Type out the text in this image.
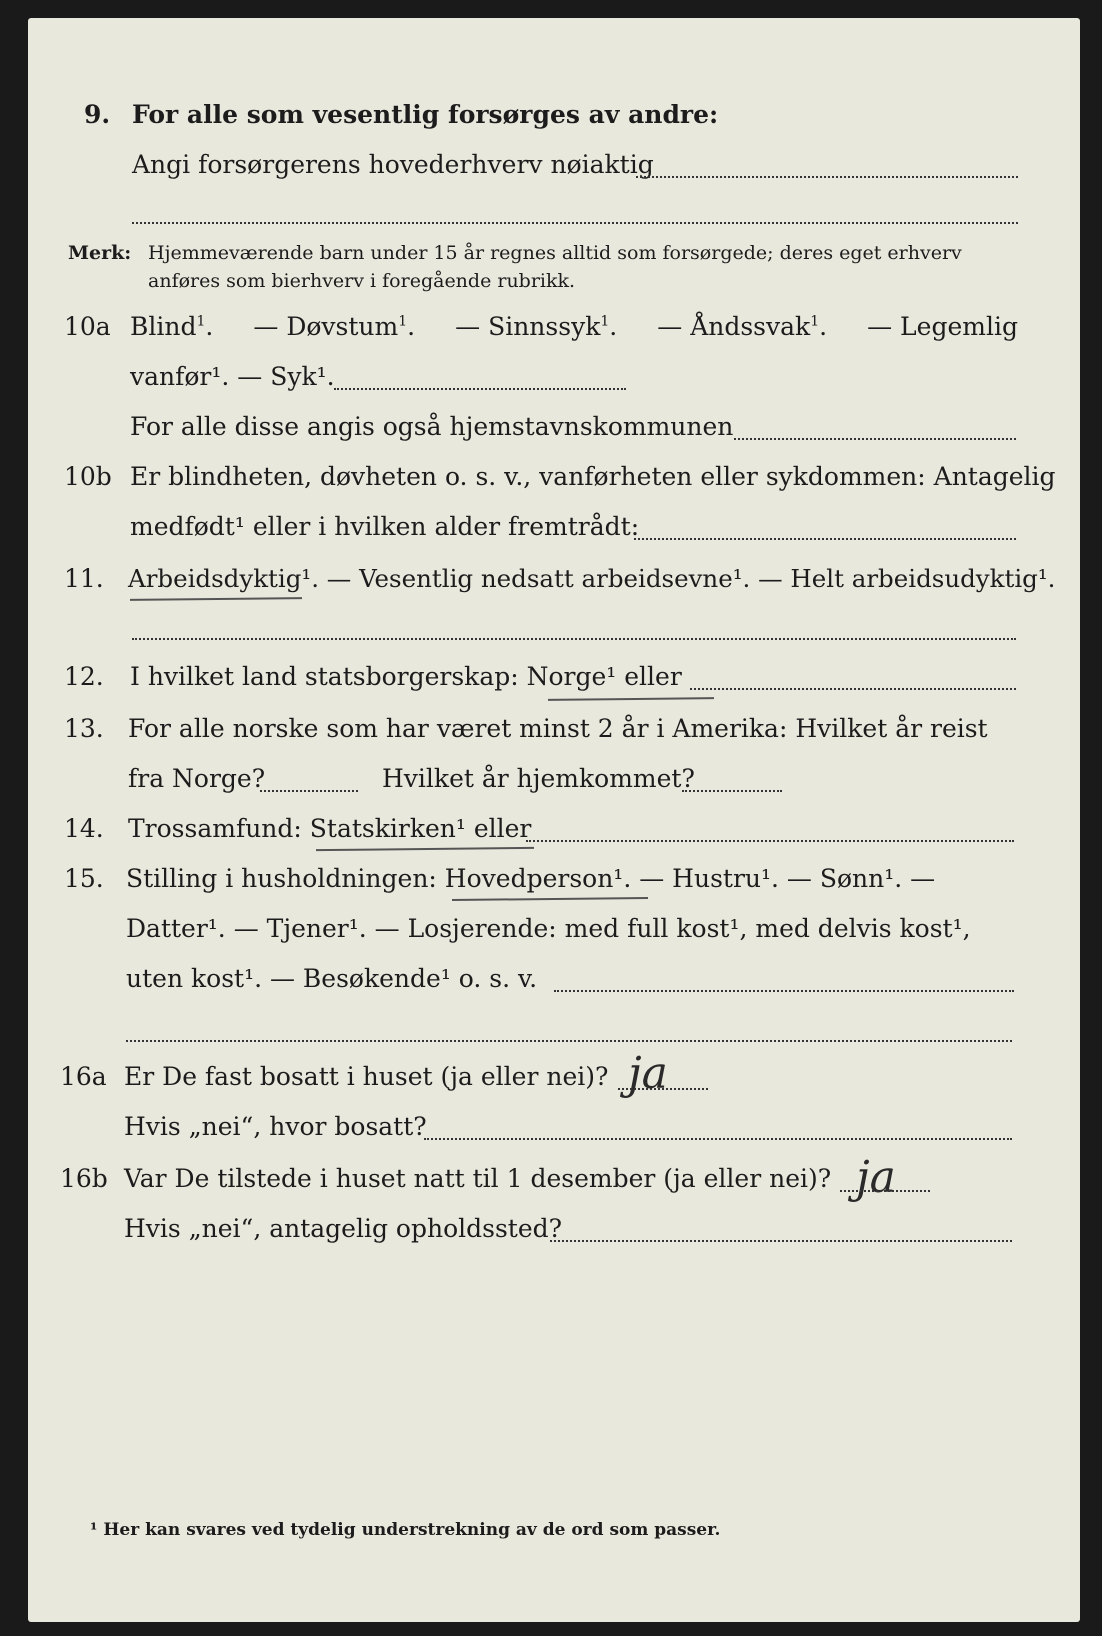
9. For alle som vesentlig forsørges av andre:
Angi forsørgerens hovederhverv nøiaktig
Merk: Hjemmeværende barn under 15 år regnes alltid som forsørgede; deres eget erhverv
anføres som bierhverv i foregående rubrikk.
10a Blind$^1$. — Døvstum$^1$. — Sinnssyk$^1$. — Åndssvak$^1$. — Legemlig
vanfør¹. — Syk¹.
For alle disse angis også hjemstavnskommunen
10b Er blindheten, døvheten o. s. v., vanførheten eller sykdommen: Antagelig
medfødt¹ eller i hvilken alder fremtrådt:
11. Arbeidsdyktig¹. — Vesentlig nedsatt arbeidsevne¹. — Helt arbeidsudyktig¹.
12. I hvilket land statsborgerskap: Norge¹ eller
13. For alle norske som har været minst 2 år i Amerika: Hvilket år reist
fra Norge?	Hvilket år hjemkommet?
14. Trossamfund: Statskirken¹ eller
15. Stilling i husholdningen: Hovedperson¹. — Hustru¹. — Sønn¹. —
Datter¹. — Tjener¹. — Losjerende: med full kost¹, med delvis kost¹,
uten kost¹. — Besøkende¹ o. s. v.
16a Er De fast bosatt i huset (ja eller nei)? ja
Hvis „nei“, hvor bosatt?
16b Var De tilstede i huset natt til 1 desember (ja eller nei)? ja
Hvis „nei“, antagelig opholdssted?
¹ Her kan svares ved tydelig understrekning av de ord som passer.
